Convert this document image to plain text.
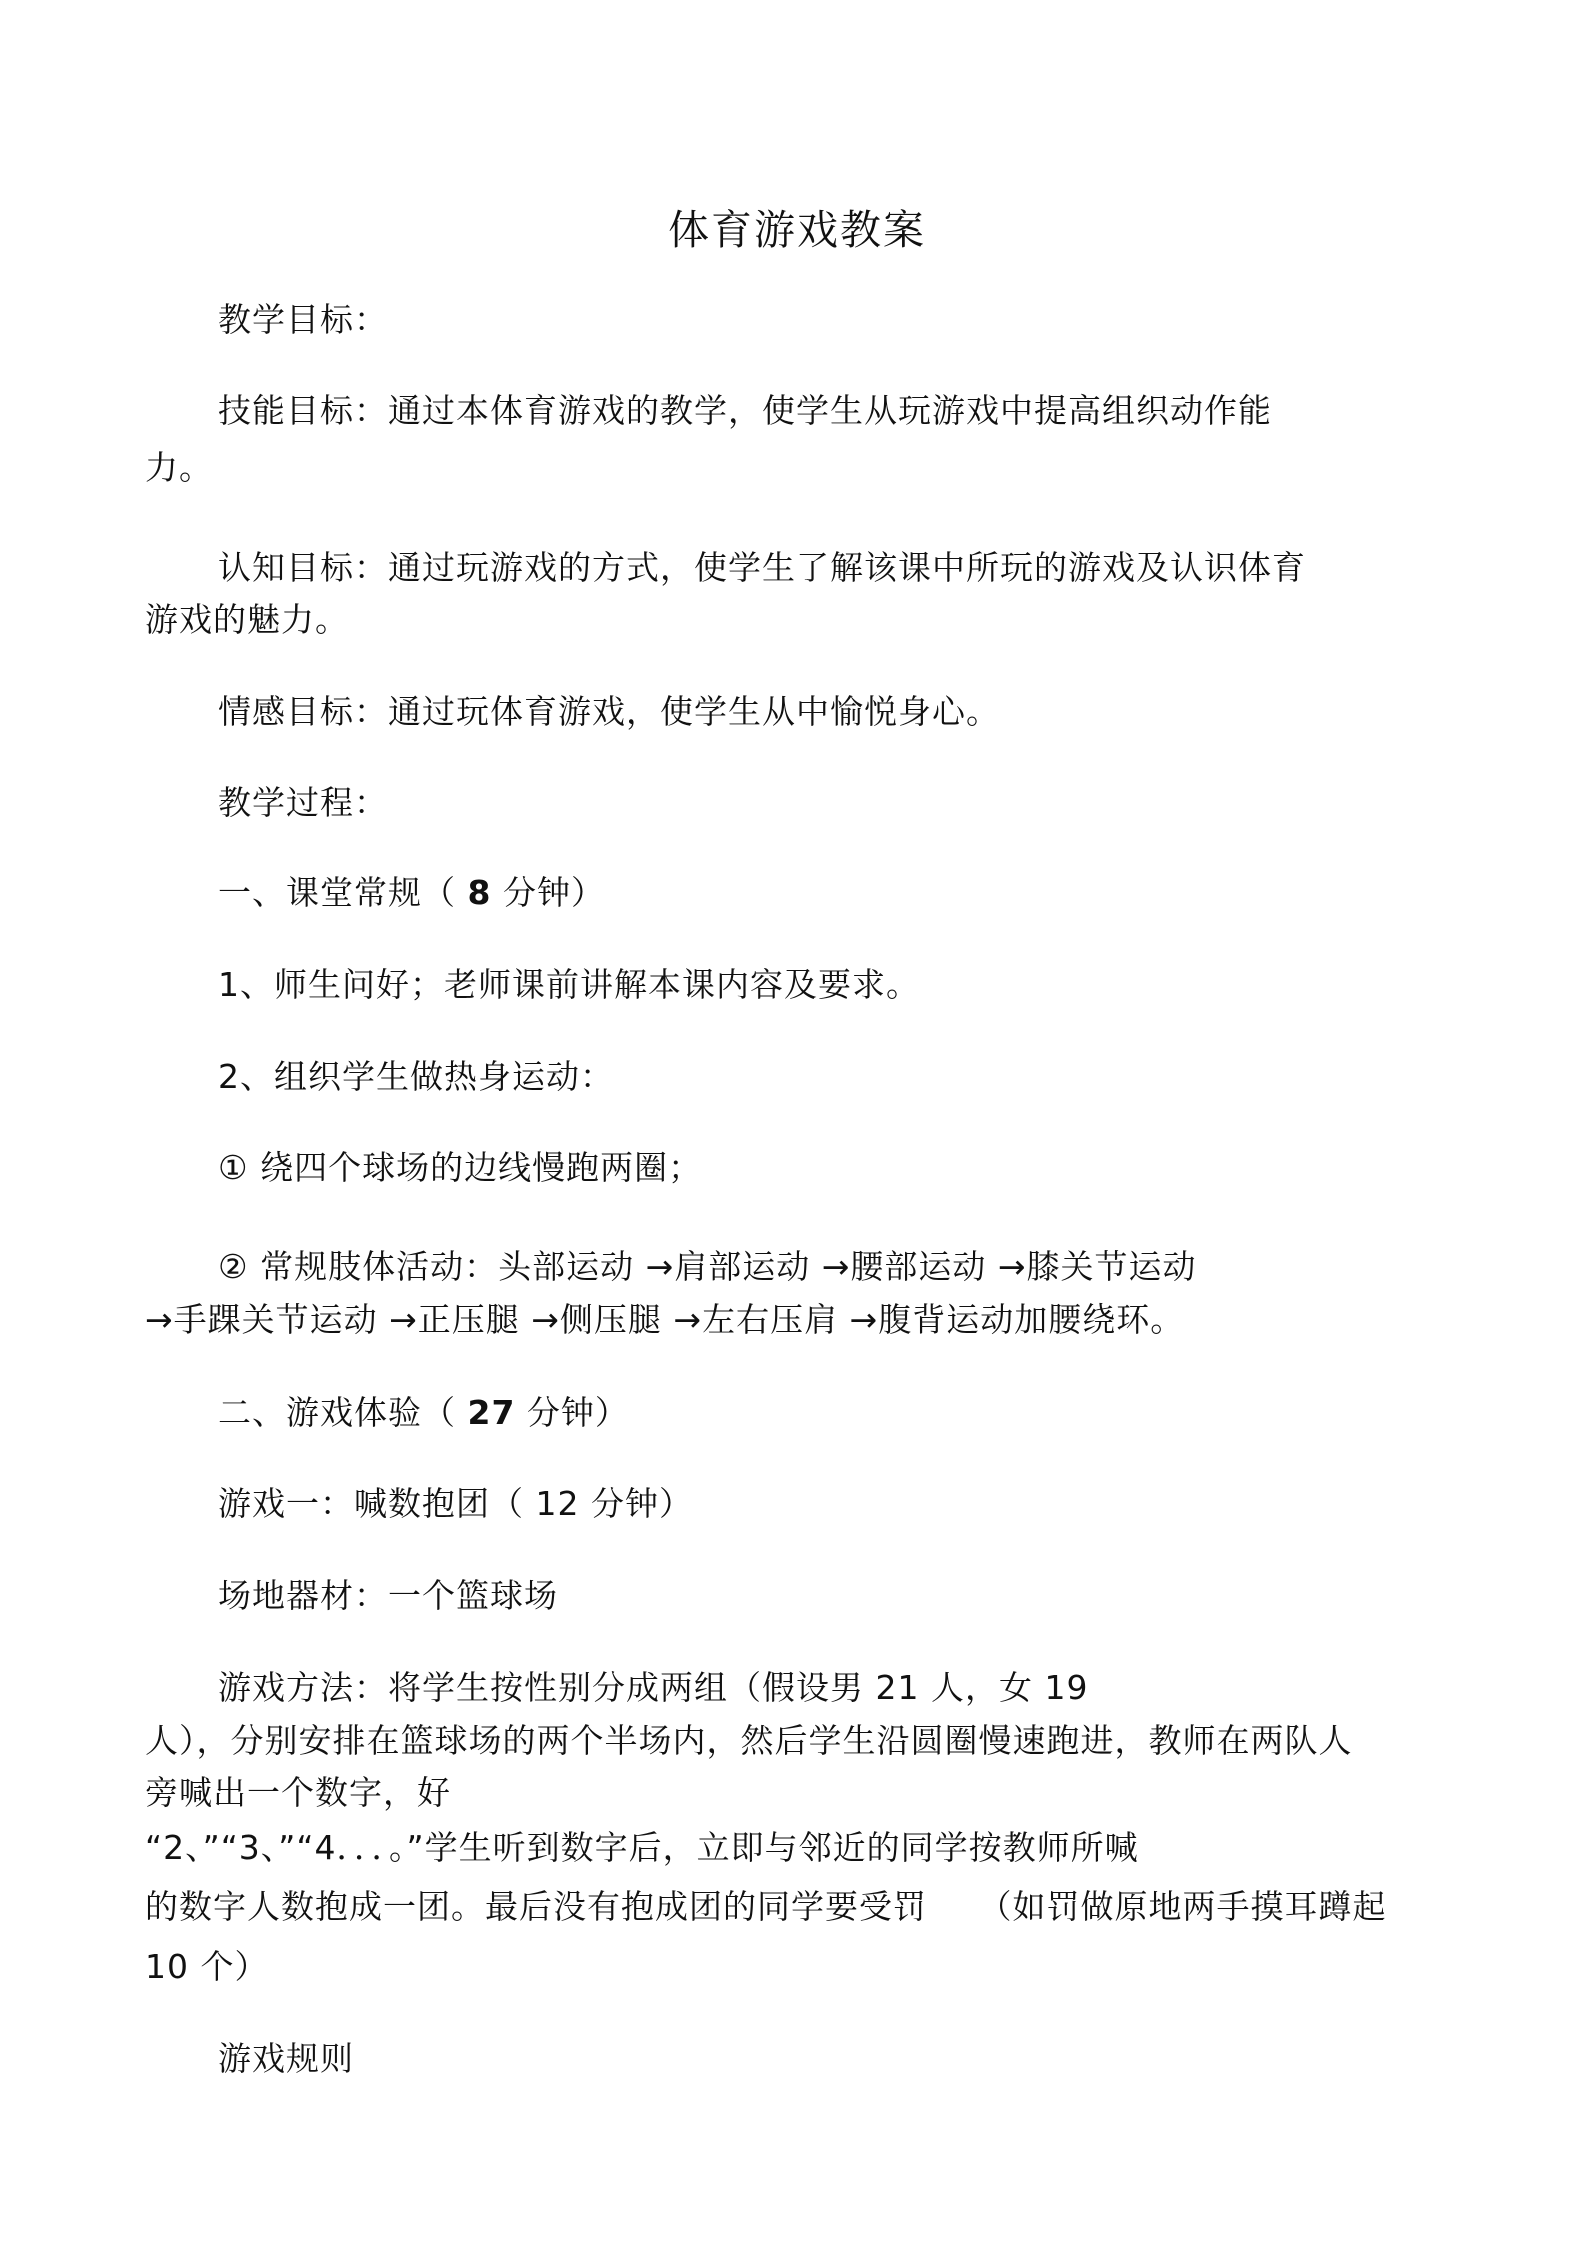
体育游戏教案
教学目标：
技能目标：通过本体育游戏的教学，使学生从玩游戏中提高组织动作能
力。
认知目标：通过玩游戏的方式，使学生了解该课中所玩的游戏及认识体育
游戏的魅力。
情感目标：通过玩体育游戏，使学生从中愉悦身心。
教学过程：
一、课堂常规（ 8 分钟）
1、师生问好；老师课前讲解本课内容及要求。
2、组织学生做热身运动：
① 绕四个球场的边线慢跑两圈；
② 常规肢体活动：头部运动 →肩部运动 →腰部运动 →膝关节运动
→手踝关节运动 →正压腿 →侧压腿 →左右压肩 →腹背运动加腰绕环。
二、游戏体验（ 27 分钟）
游戏一：喊数抱团（ 12 分钟）
场地器材：一个篮球场
游戏方法：将学生按性别分成两组（假设男 21 人，女 19
人），分别安排在篮球场的两个半场内，然后学生沿圆圈慢速跑进，教师在两队人
旁喊出一个数字，好
“2、”“3、”“4．．．。”学生听到数字后，立即与邻近的同学按教师所喊
的数字人数抱成一团。最后没有抱成团的同学要受罚　　（如罚做原地两手摸耳蹲起
10 个）
游戏规则
